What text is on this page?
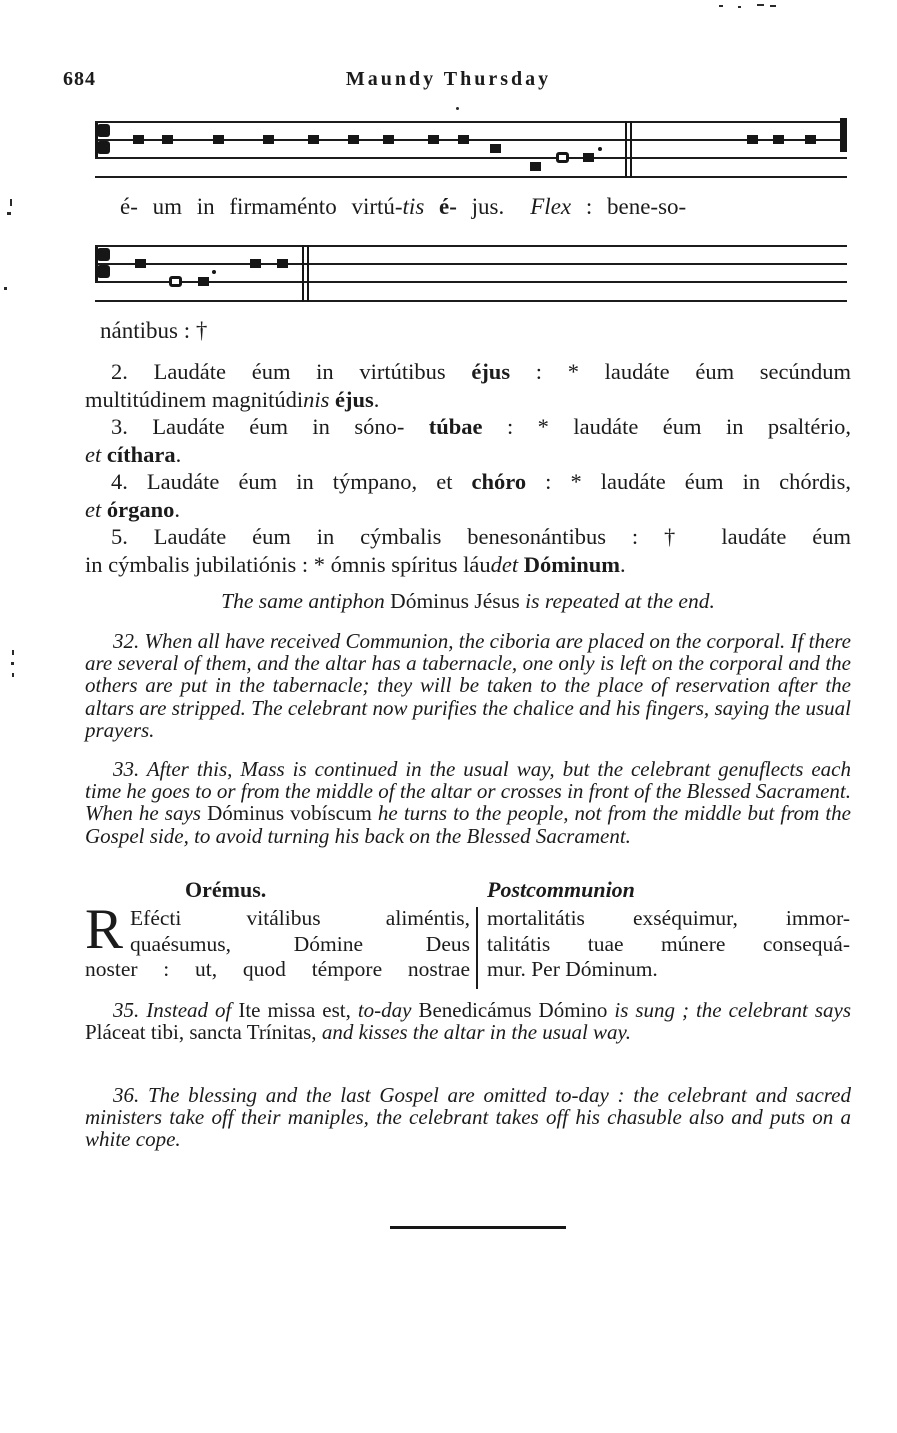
684	Maundy Thursday
é- um in firmaménto virtú-tis é- jus. Flex : bene-so-
nántibus : †
2. Laudáte éum in virtútibus éjus : * laudáte éum secúndum
multitúdinem magnitúdinis éjus.
3. Laudáte éum in sóno- túbae : * laudáte éum in psaltério,
et cíthara.
4. Laudáte éum in týmpano, et chóro : * laudáte éum in chórdis,
et órgano.
5. Laudáte éum in cýmbalis benesonántibus : † laudáte éum
in cýmbalis jubilatiónis : * ómnis spíritus láudet Dóminum.
The same antiphon Dóminus Jésus is repeated at the end.
32. When all have received Communion, the ciboria are placed on the corporal. If there are several of them, and the altar has a tabernacle, one only is left on the corporal and the others are put in the tabernacle; they will be taken to the place of reservation after the altars are stripped. The celebrant now purifies the chalice and his fingers, saying the usual prayers.
33. After this, Mass is continued in the usual way, but the celebrant genuflects each time he goes to or from the middle of the altar or crosses in front of the Blessed Sacrament. When he says Dóminus vobíscum he turns to the people, not from the middle but from the Gospel side, to avoid turning his back on the Blessed Sacrament.
Orémus.	Postcommunion
R Efécti vitálibus aliméntis,
quaésumus, Dómine Deus
noster : ut, quod témpore nostrae
mortalitátis exséquimur, immor-
talitátis tuae múnere consequá-
mur. Per Dóminum.
35. Instead of Ite missa est, to-day Benedicámus Dómino is sung ; the celebrant says Pláceat tibi, sancta Trínitas, and kisses the altar in the usual way.
36. The blessing and the last Gospel are omitted to-day : the celebrant and sacred ministers take off their maniples, the celebrant takes off his chasuble also and puts on a white cope.
